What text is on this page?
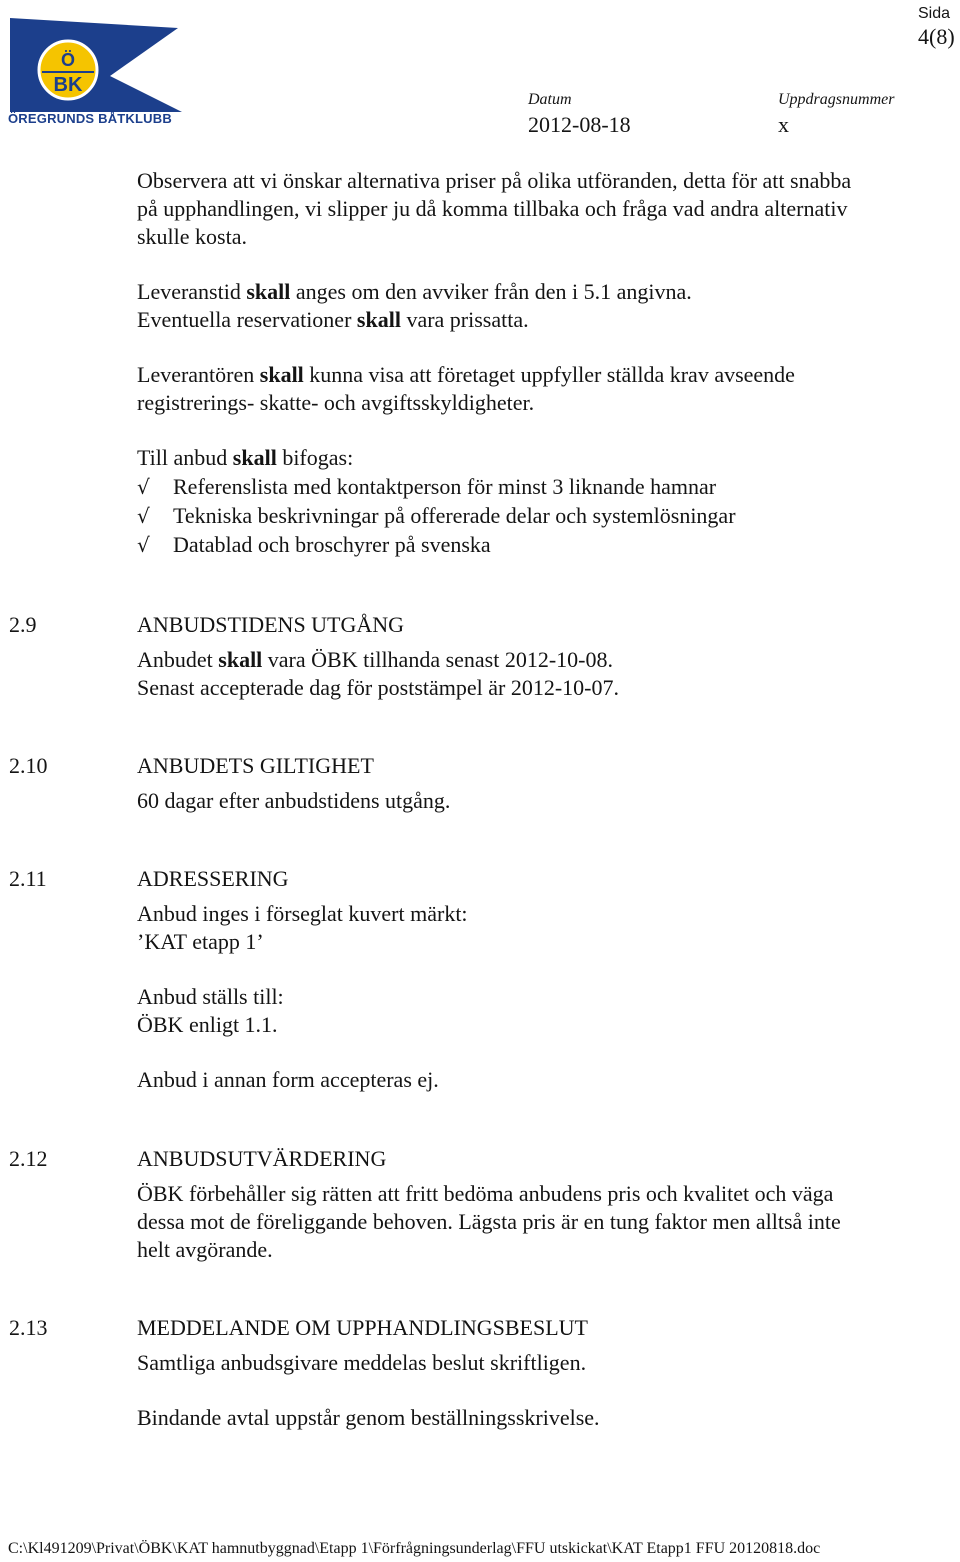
Ö
BK
ÖREGRUNDS BÅTKLUBB
Sida
4(8)
Datum
2012-08-18
Uppdragsnummer
x
Observera att vi önskar alternativa priser på olika utföranden, detta för att snabba
på upphandlingen, vi slipper ju då komma tillbaka och fråga vad andra alternativ
skulle kosta.
Leveranstid skall anges om den avviker från den i 5.1 angivna.
Eventuella reservationer skall vara prissatta.
Leverantören skall kunna visa att företaget uppfyller ställda krav avseende
registrerings- skatte- och avgiftsskyldigheter.
Till anbud skall bifogas:
√ Referenslista med kontaktperson för minst 3 liknande hamnar
√ Tekniska beskrivningar på offererade delar och systemlösningar
√ Datablad och broschyrer på svenska
2.9	ANBUDSTIDENS UTGÅNG
Anbudet skall vara ÖBK tillhanda senast 2012-10-08.
Senast accepterade dag för poststämpel är 2012-10-07.
2.10	ANBUDETS GILTIGHET
60 dagar efter anbudstidens utgång.
2.11	ADRESSERING
Anbud inges i förseglat kuvert märkt:
’KAT etapp 1’
Anbud ställs till:
ÖBK enligt 1.1.
Anbud i annan form accepteras ej.
2.12	ANBUDSUTVÄRDERING
ÖBK förbehåller sig rätten att fritt bedöma anbudens pris och kvalitet och väga
dessa mot de föreliggande behoven. Lägsta pris är en tung faktor men alltså inte
helt avgörande.
2.13	MEDDELANDE OM UPPHANDLINGSBESLUT
Samtliga anbudsgivare meddelas beslut skriftligen.
Bindande avtal uppstår genom beställningsskrivelse.
C:\Kl491209\Privat\ÖBK\KAT hamnutbyggnad\Etapp 1\Förfrågningsunderlag\FFU utskickat\KAT Etapp1 FFU 20120818.doc
